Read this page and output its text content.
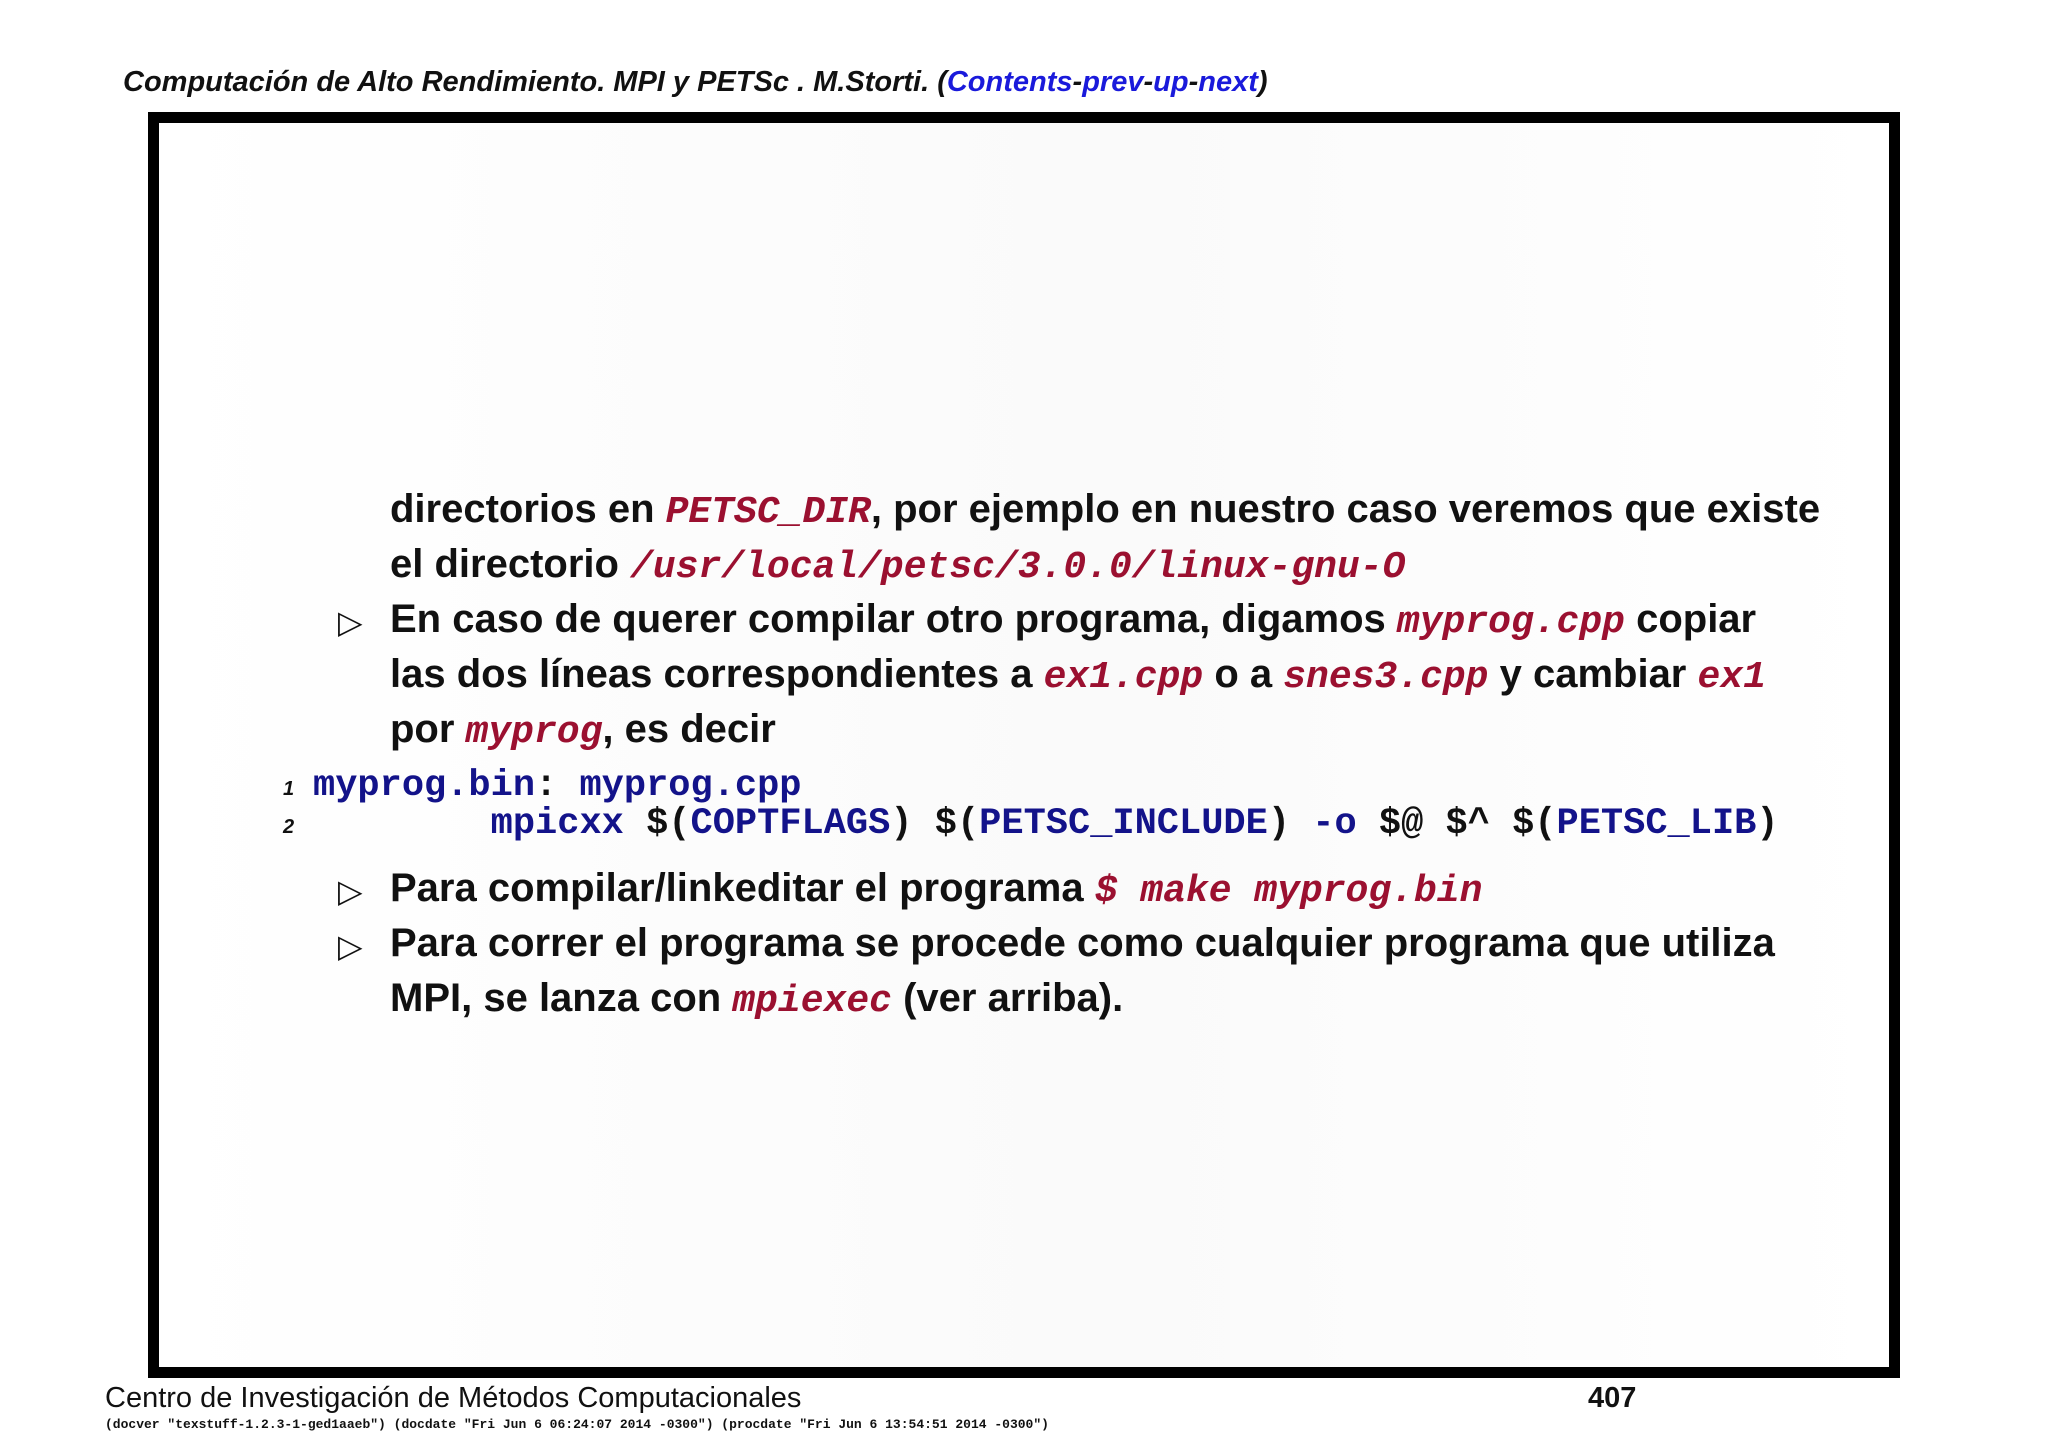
Computación de Alto Rendimiento. MPI y PETSc . M.Storti. (Contents-prev-up-next)
directorios en PETSC_DIR, por ejemplo en nuestro caso veremos que existe
el directorio /usr/local/petsc/3.0.0/linux-gnu-O
▷ En caso de querer compilar otro programa, digamos myprog.cpp copiar
las dos líneas correspondientes a ex1.cpp o a snes3.cpp y cambiar ex1
por myprog, es decir
1 myprog.bin: myprog.cpp
2	mpicxx $(COPTFLAGS) $(PETSC_INCLUDE) -o $@ $^ $(PETSC_LIB)
▷ Para compilar/linkeditar el programa $ make myprog.bin
▷ Para correr el programa se procede como cualquier programa que utiliza
MPI, se lanza con mpiexec (ver arriba).
Centro de Investigación de Métodos Computacionales	407
(docver "texstuff-1.2.3-1-ged1aaeb") (docdate "Fri Jun 6 06:24:07 2014 -0300") (procdate "Fri Jun 6 13:54:51 2014 -0300")
